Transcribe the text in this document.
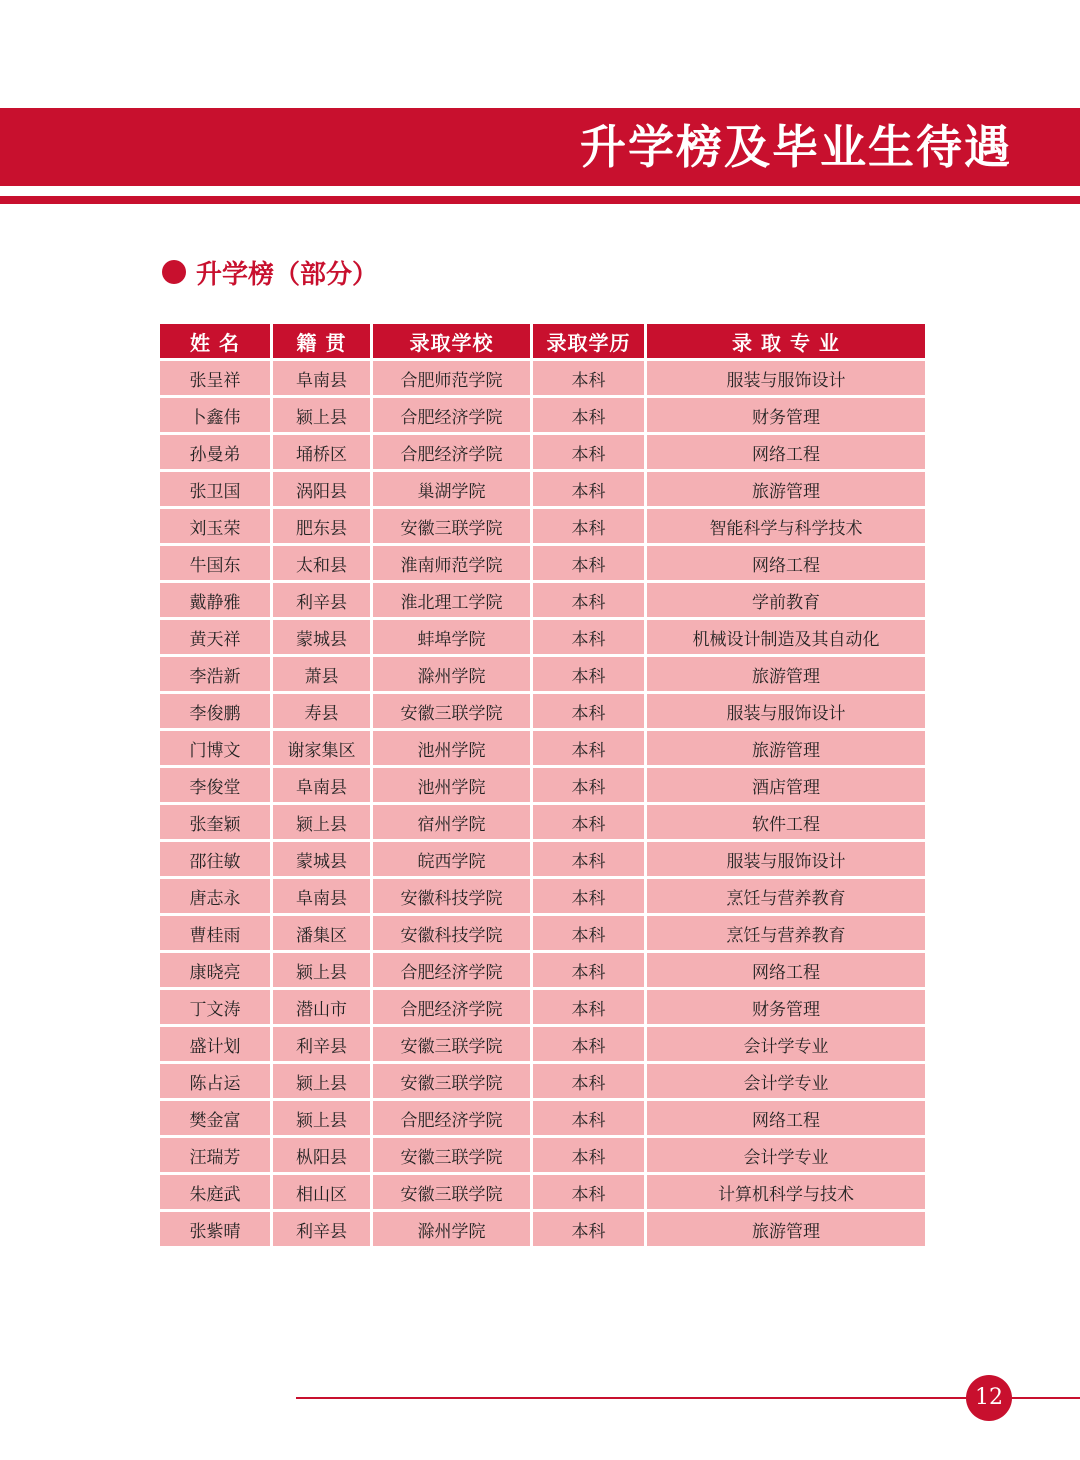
升学榜及毕业生待遇
升学榜（部分）
姓 名	籍 贯	录取学校	录取学历	录 取 专 业
张呈祥	阜南县	合肥师范学院	本科	服装与服饰设计
卜鑫伟	颍上县	合肥经济学院	本科	财务管理
孙曼弟	埇桥区	合肥经济学院	本科	网络工程
张卫国	涡阳县	巢湖学院	本科	旅游管理
刘玉荣	肥东县	安徽三联学院	本科	智能科学与科学技术
牛国东	太和县	淮南师范学院	本科	网络工程
戴静雅	利辛县	淮北理工学院	本科	学前教育
黄天祥	蒙城县	蚌埠学院	本科	机械设计制造及其自动化
李浩新	萧县	滁州学院	本科	旅游管理
李俊鹏	寿县	安徽三联学院	本科	服装与服饰设计
门博文	谢家集区	池州学院	本科	旅游管理
李俊堂	阜南县	池州学院	本科	酒店管理
张奎颖	颍上县	宿州学院	本科	软件工程
邵往敏	蒙城县	皖西学院	本科	服装与服饰设计
唐志永	阜南县	安徽科技学院	本科	烹饪与营养教育
曹桂雨	潘集区	安徽科技学院	本科	烹饪与营养教育
康晓亮	颍上县	合肥经济学院	本科	网络工程
丁文涛	潜山市	合肥经济学院	本科	财务管理
盛计划	利辛县	安徽三联学院	本科	会计学专业
陈占运	颍上县	安徽三联学院	本科	会计学专业
樊金富	颍上县	合肥经济学院	本科	网络工程
汪瑞芳	枞阳县	安徽三联学院	本科	会计学专业
朱庭武	相山区	安徽三联学院	本科	计算机科学与技术
张紫晴	利辛县	滁州学院	本科	旅游管理
12
